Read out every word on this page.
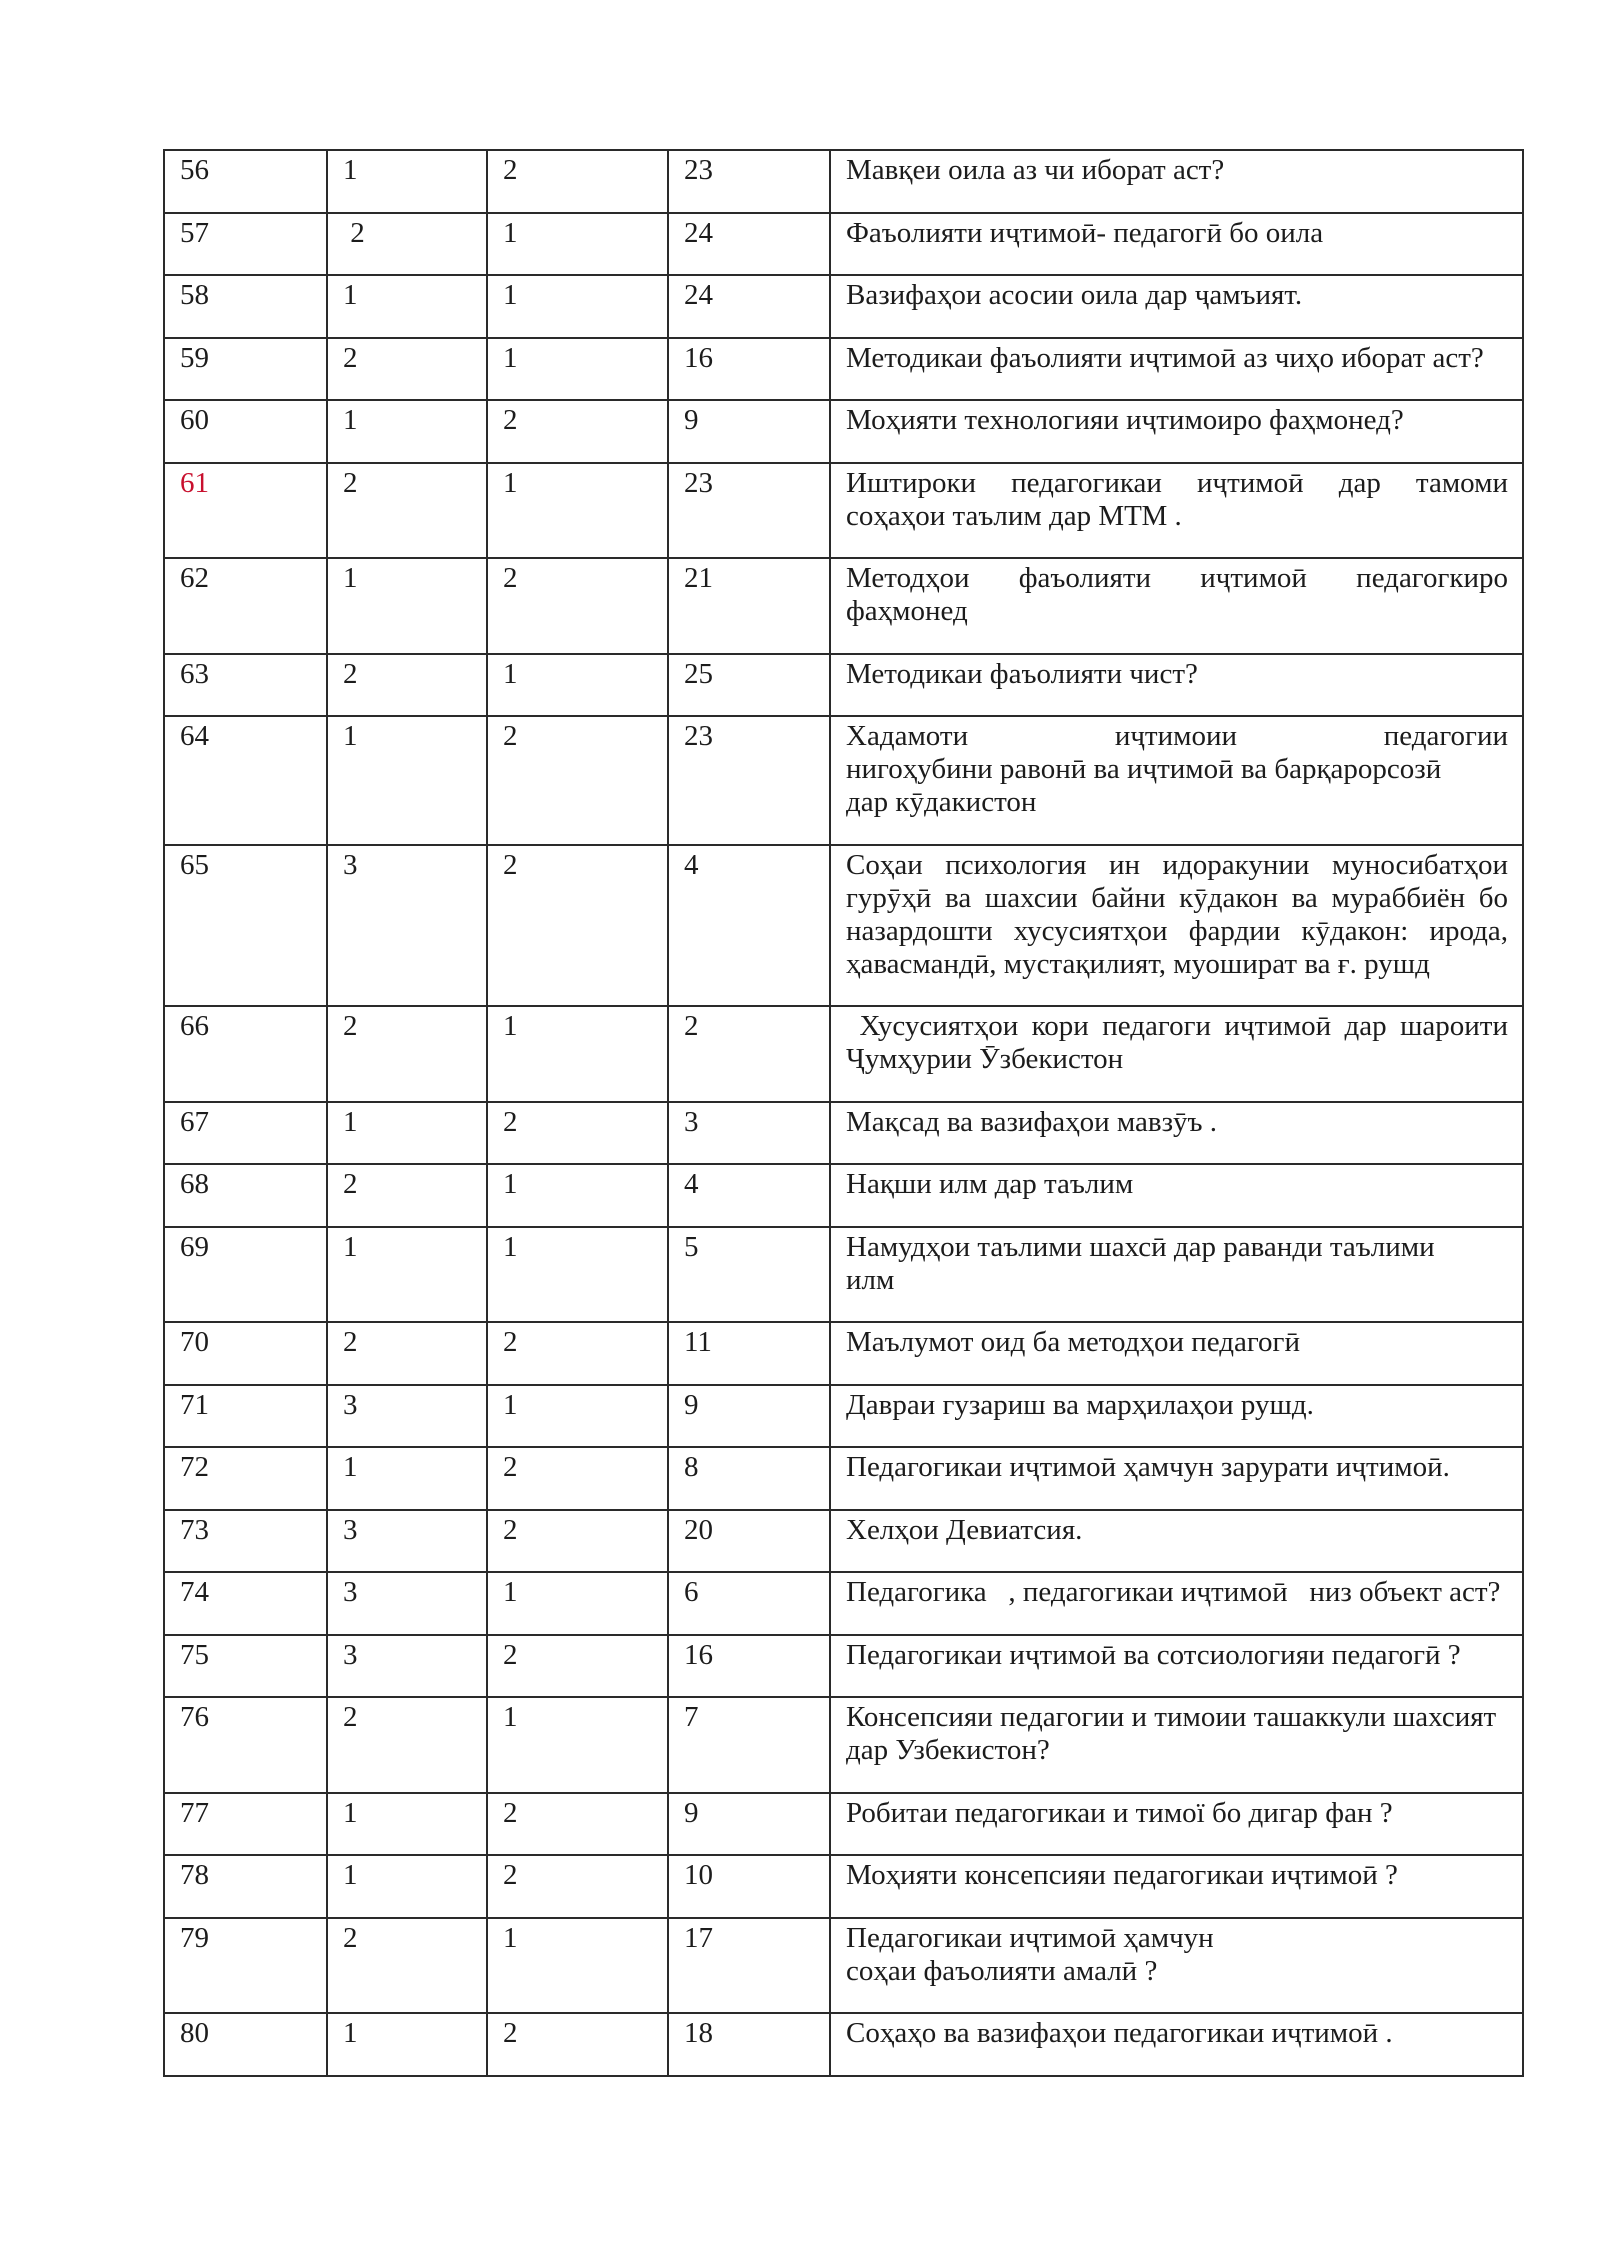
56	1	2	23	Мавқеи оила аз чи иборат аст?

57	2	1	24	Фаъолияти иҷтимоӣ- педагогӣ бо оила

58	1	1	24	Вазифаҳои асосии оила дар ҷамъият.

59	2	1	16	Методикаи фаъолияти иҷтимоӣ аз чиҳо иборат аст?

60	1	2	9	Моҳияти технологияи иҷтимоиро фаҳмонед?

61	2	1	23	Иштироки педагогикаи иҷтимоӣ дар тамоми
соҳаҳои таълим дар МТМ .

62	1	2	21	Методҳои фаъолияти иҷтимоӣ педагогкиро
фаҳмонед

63	2	1	25	Методикаи фаъолияти чист?

64	1	2	23	Хадамоти иҷтимоии педагогии
нигоҳубини равонӣ ва иҷтимоӣ ва барқарорсозӣ
дар кӯдакистон

65	3	2	4	Соҳаи психология ин идоракунии муносибатҳои
гурӯҳӣ ва шахсии байни кӯдакон ва мураббиён бо
назардошти хусусиятҳои фардии кӯдакон: ирода,
ҳавасмандӣ, мустақилият, муошират ва ғ. рушд

66	2	1	2	Хусусиятҳои кори педагоги иҷтимоӣ дар шароити
Ҷумҳурии Ӯзбекистон

67	1	2	3	Мақсад ва вазифаҳои мавзӯъ .

68	2	1	4	Нақши илм дар таълим

69	1	1	5	Намудҳои таълими шахсӣ дар раванди таълими
илм

70	2	2	11	Маълумот оид ба методҳои педагогӣ

71	3	1	9	Давраи гузариш ва марҳилаҳои рушд.

72	1	2	8	Педагогикаи иҷтимоӣ ҳамчун зарурати иҷтимоӣ.

73	3	2	20	Хелҳои Девиатсия.

74	3	1	6	Педагогика   , педагогикаи иҷтимоӣ   низ объект аст?

75	3	2	16	Педагогикаи иҷтимоӣ ва сотсиологияи педагогӣ ?

76	2	1	7	Консепсияи педагогии и тимоии ташаккули шахсият
дар Узбекистон?

77	1	2	9	Робитаи педагогикаи и тимої бо дигар фан ?

78	1	2	10	Моҳияти консепсияи педагогикаи иҷтимоӣ ?

79	2	1	17	Педагогикаи иҷтимоӣ ҳамчун
соҳаи фаъолияти амалӣ ?

80	1	2	18	Соҳаҳо ва вазифаҳои педагогикаи иҷтимоӣ .
